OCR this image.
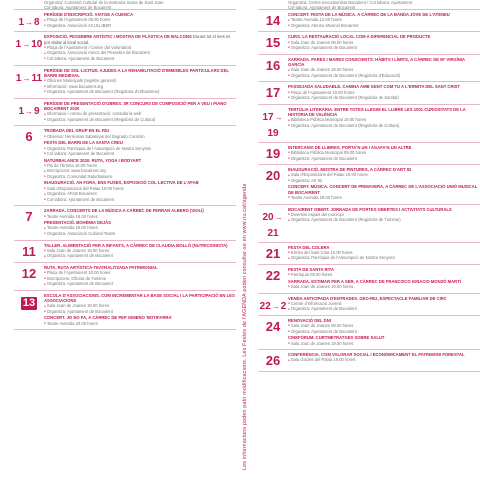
Organitza: Comissió Cultural de la Setmana Santa de Sant Joan
Col·labora: Ajuntament de Bocairent
1→8
PERÍODE D'INSCRIPCIÓ. VIATGE A CUENCA
● Plaça de l'Ajuntament 08.00 hores
● Organitza: Associació ACULLIBER
1→10
EXPOSICIÓ. PESSEBRE ARTÍSTIC I MOSTRA DE PLÀSTICA DE BALCONS Durant tot el mes es pot visitar al local social.
● Plaça de l'Ajuntament / Centre del Voluntariat
● Organitza: Associació Amics del Pessebre de Bocairent
● Col·labora: Ajuntament de Bocairent
1→11
PERÍODE DE SOL·LICITUD. AJUDES A LA REHABILITACIÓ D'IMMOBLES PARTICULARS DEL BARRI MEDIEVAL
● Oficines Municipals (registre general)
● Informació: www.bocairent.org
● Organitza: Ajuntament de Bocairent (Regidoria d'Urbanisme)
1→9
PERÍODE DE PRESENTACIÓ D'OBRES. 3R CONCURS DE COMPOSICIÓ PER A VEU I PIANO BOCAIRENT 2020
● Informació i correu de presentació: consulta la web
● Organitza: Ajuntament de Bocairent (Regidoria de Cultura)
6	TROBADA DEL GRUP EN EL RIU
● Observa: Hermosas Sabatinas del Sagrado Corazón
FESTA DEL BARRI DE LA SANTA CREU
● Organitza: Parròquia de l'Assumpció de Nostra Senyora
● Col·labora: Ajuntament de Bocairent
NATURBALANCE 2020. RUTA, YOGA I BODYART
● Pla de l'Ermita 10.00 hores
● Inscripcions: www.bocairent.org
● Organitza: Comunitat Naturbalance
INAUGURACIÓ. AH FORA, ENS FUSES, EXPOSICIÓ COL·LECTIVA DE L'AFAB
● Sala d'Exposicions del Palau 19.00 hores
● Organitza: AFAB Bocairent
● Col·labora: Ajuntament de Bocairent
7	ZARRADA. CONCERTS DE LA MÚSICA A CÀRREC DE FERRAN ALBERO (VIOLÍ)
● Teatre Avenida 18.00 hores
PRESENTACIÓ. BOHÈMIA DEJÀS
● Teatre Avenida 19.00 hores
● Organitza: Associació Cultural Teatre
11	TALLER. ALIMENTACIÓ PER A INFANTS, A CÀRREC DE CLAUDIA MOLLÓ (NUTRICIONISTA)
● Sala Joan de Joanes 19.00 hores
● Organitza: Ajuntament de Bocairent
12	RUTA. RUTA ARTÍSTICA-TEATRALITZADA PATRIMONIAL
● Plaça de l'Ajuntament 10.00 hores
● Inscripcions: Oficina de Turisme
● Organitza: Ajuntament de Bocairent
13
ESCOLA D'ASSOCIACIONS. COM INCREMENTAR LA BASE SOCIAL I LA PARTICIPACIÓ EN LES ASSOCIACIONS
● Sala Joan de Joanes 19.00 hores
● Organitza: Ajuntament de Bocairent
CONCERT. JO NO FA, A CÀRREC DE PEP GIMENO 'BOTIFARRA'
● Teatre Avenida 20.00 hores	Les informacions poden patir modificacions. Les Festes de l'AGENDA poden consultar-se en www.riu.cat/agenda
Organitza: Centre Excursionista Bocairent / Col·labora: Ajuntament
Col·labora: Ajuntament de Bocairent
14	CONCERT. FESTA DE LA MÚSICA. A CÀRREC DE LA BANDA JOVE DE L'ATENEU
● Teatre Avenida 12.00 hores
● Organitza: Ateneu Musical Bocairent
15	CURS. LA RESTAURACIÓ LOCAL COM A DIFERENCIAL DE PRODUCTE
● Sala Joan de Joanes 09.00 hores
● Organitza: Ajuntament de Bocairent
16	XARRADA. PARES I MARES CONSCIENTS: HÀBITS I LÍMITS, A CÀRREC DE Mª VIRGÍNIA GARCÍA
● Sala Joan de Joanes 19.00 hores
● Organitza: Ajuntament de Bocairent (Regidoria d'Educació)
17	PASSEJADA SALUDABLE. CAMINA AMB GENT COM TU A L'ERMITA DEL SANT CRIST
● Plaça de l'Ajuntament 10.00 hores
● Organitza: Ajuntament de Bocairent (Regidoria de Sanitat)
17→19
TERTÚLIA LITERÀRIA. ENTRE TOTES LLEGIM EL LLIBRE LES 1001 CURIOSITATS DE LA HISTÒRIA DE VALÈNCIA
● Biblioteca Pública Municipal 19.00 hores
● Organitza: Ajuntament de Bocairent (Regidoria de Cultura)
19	INTERCANVI DE LLIBRES. PORTA'N UN I AGAFA'N UN ALTRE
● Biblioteca Pública Municipal 09.00 hores
● Organitza: Ajuntament de Bocairent
20	INAUGURACIÓ. MOSTRA DE PINTURES, A CÀRREC D'ART 92
● Sala d'Exposicions del Palau 19.00 hores
● Organitza: Art 92
CONCERT. MÚSICA. CONCERT DE PRIMAVERA, A CÀRREC DE L'ASSOCIACIÓ UNIÓ MUSICAL DE BOCAIRENT
● Teatre Avenida 19.00 hores
20→21
BOCAIRENT OBERT. JORNADA DE PORTES OBERTES I ACTIVITATS CULTURALS
● Diversos espais del municipi
● Organitza: Ajuntament de Bocairent (Regidoria de Turisme)
21	FESTA DEL COLERA
● Ermita del Sant Crist 10.00 hores
● Organitza: Parròquia de l'Assumpció de Nostra Senyora
22	FESTA DE SANTA RITA
● Parròquia 09.00 hores
XARRADA. ESTIMAR PER A SER, A CÀRREC DE FRANCISCO IGNACIO MONZÓ MARTÍ
● Sala Joan de Joanes 19.00 hores
22→2
VENDA ANTICIPADA D'ENTRADES. GEO-RIU, ESPECTACLE FAMILIAR DE CIRC
● Centre d'Informació Juvenil
● Organitza: Ajuntament de Bocairent
24	RENOVACIÓ DEL DNI
● Sala Joan de Joanes 09.00 hores
● Organitza: Ajuntament de Bocairent
CINEFÒRUM. CURTMETRATGES SOBRE SALUT
● Sala Joan de Joanes 19.00 hores
26	CONFERÈNCIA. COM VALORAR SOCIAL I ECONÒMICAMENT EL PATRIMONI FORESTAL
● Sala d'actes del Palau 19.00 hores
